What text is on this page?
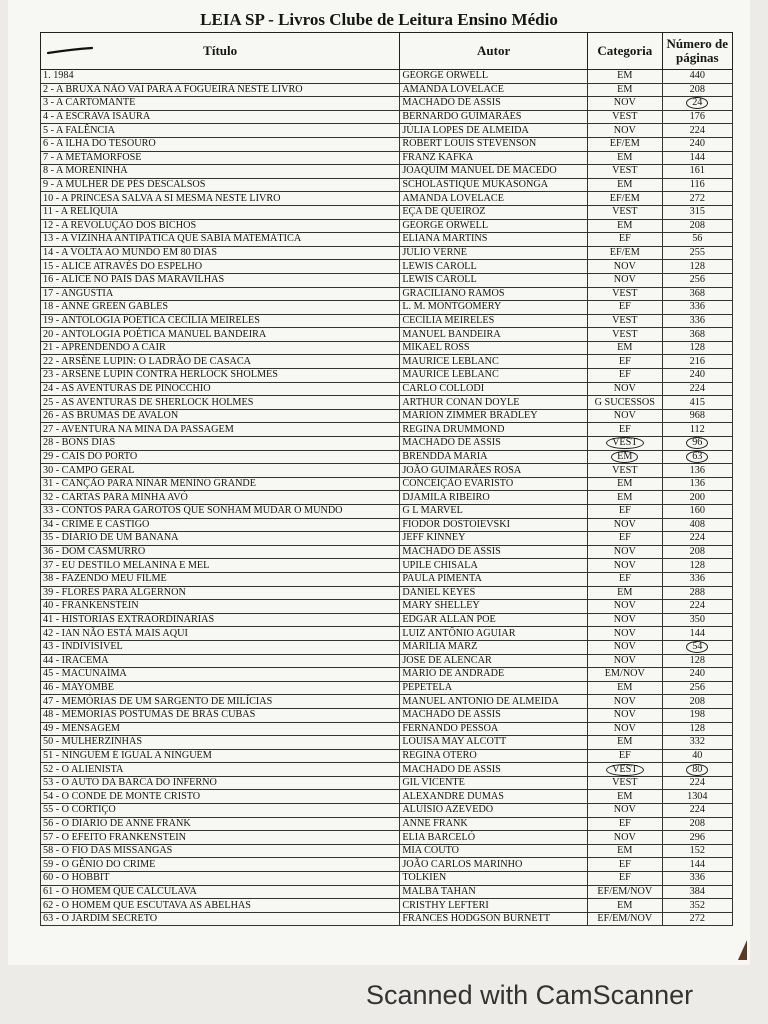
LEIA SP - Livros Clube de Leitura Ensino Médio
Título	Autor	Categoria	Número de páginas
1. 1984	GEORGE ORWELL	EM	440
2 - A BRUXA NÃO VAI PARA A FOGUEIRA NESTE LIVRO	AMANDA LOVELACE	EM	208
3 - A CARTOMANTE	MACHADO DE ASSIS	NOV	24
4 - A ESCRAVA ISAURA	BERNARDO GUIMARÃES	VEST	176
5 - A FALÊNCIA	JÚLIA LOPES DE ALMEIDA	NOV	224
6 - A ILHA DO TESOURO	ROBERT LOUIS STEVENSON	EF/EM	240
7 - A METAMORFOSE	FRANZ KAFKA	EM	144
8 - A MORENINHA	JOAQUIM MANUEL DE MACEDO	VEST	161
9 - A MULHER DE PÉS DESCALSOS	SCHOLASTIQUE MUKASONGA	EM	116
10 - A PRINCESA SALVA A SI MESMA NESTE LIVRO	AMANDA LOVELACE	EF/EM	272
11 - A RELÍQUIA	EÇA DE QUEIROZ	VEST	315
12 - A REVOLUÇÃO DOS BICHOS	GEORGE ORWELL	EM	208
13 - A VIZINHA ANTIPÁTICA QUE SABIA MATEMÁTICA	ELIANA MARTINS	EF	56
14 - A VOLTA AO MUNDO EM 80 DIAS	JÚLIO VERNE	EF/EM	255
15 - ALICE ATRAVÉS DO ESPELHO	LEWIS CAROLL	NOV	128
16 - ALICE NO PAÍS DAS MARAVILHAS	LEWIS CAROLL	NOV	256
17 - ANGÚSTIA	GRACILIANO RAMOS	VEST	368
18 - ANNE GREEN GABLES	L. M. MONTGOMERY	EF	336
19 - ANTOLOGIA POÉTICA CECÍLIA MEIRELES	CECÍLIA MEIRELES	VEST	336
20 - ANTOLOGIA POÉTICA MANUEL BANDEIRA	MANUEL BANDEIRA	VEST	368
21 - APRENDENDO A CAIR	MIKAEL ROSS	EM	128
22 - ARSÈNE LUPIN: O LADRÃO DE CASACA	MAURICE LEBLANC	EF	216
23 - ARSÈNE LUPIN CONTRA HERLOCK SHOLMES	MAURICE LEBLANC	EF	240
24 - AS AVENTURAS DE PINOCCHIO	CARLO COLLODI	NOV	224
25 - AS AVENTURAS DE SHERLOCK HOLMES	ARTHUR CONAN DOYLE	G SUCESSOS	415
26 - AS BRUMAS DE AVALON	MARION ZIMMER BRADLEY	NOV	968
27 - AVENTURA NA MINA DA PASSAGEM	REGINA DRUMMOND	EF	112
28 - BONS DIAS	MACHADO DE ASSIS	VEST	96
29 - CAIS DO PORTO	BRENDDA MARIA	EM	63
30 - CAMPO GERAL	JOÃO GUIMARÃES ROSA	VEST	136
31 - CANÇÃO PARA NINAR MENINO GRANDE	CONCEIÇÃO EVARISTO	EM	136
32 - CARTAS PARA MINHA AVÓ	DJAMILA RIBEIRO	EM	200
33 - CONTOS PARA GAROTOS QUE SONHAM MUDAR O MUNDO	G L MARVEL	EF	160
34 - CRIME E CASTIGO	FIODOR DOSTOIEVSKI	NOV	408
35 - DIÁRIO DE UM BANANA	JEFF KINNEY	EF	224
36 - DOM CASMURRO	MACHADO DE ASSIS	NOV	208
37 - EU DESTILO MELANINA E MEL	UPILE CHISALA	NOV	128
38 - FAZENDO MEU FILME	PAULA PIMENTA	EF	336
39 - FLORES PARA ALGERNON	DANIEL KEYES	EM	288
40 - FRANKENSTEIN	MARY SHELLEY	NOV	224
41 - HISTÓRIAS EXTRAORDINARIAS	EDGAR ALLAN POE	NOV	350
42 - IAN NÃO ESTÁ MAIS AQUI	LUIZ ANTÔNIO AGUIAR	NOV	144
43 - INDIVISÍVEL	MARÍLIA MARZ	NOV	54
44 - IRACEMA	JOSÉ DE ALENCAR	NOV	128
45 - MACUNAÍMA	MÁRIO DE ANDRADE	EM/NOV	240
46 - MAYOMBE	PEPETELA	EM	256
47 - MEMÓRIAS DE UM SARGENTO DE MILÍCIAS	MANUEL ANTONIO DE ALMEIDA	NOV	208
48 - MEMÓRIAS PÓSTUMAS DE BRÁS CUBAS	MACHADO DE ASSIS	NOV	198
49 - MENSAGEM	FERNANDO PESSOA	NOV	128
50 - MULHERZINHAS	LOUISA MAY ALCOTT	EM	332
51 - NINGUÉM É IGUAL A NINGUÉM	REGINA OTERO	EF	40
52 - O ALIENISTA	MACHADO DE ASSIS	VEST	80
53 - O AUTO DA BARCA DO INFERNO	GIL VICENTE	VEST	224
54 - O CONDE DE MONTE CRISTO	ALEXANDRE DUMAS	EM	1304
55 - O CORTIÇO	ALUÍSIO AZEVEDO	NOV	224
56 - O DIÁRIO DE ANNE FRANK	ANNE FRANK	EF	208
57 - O EFEITO FRANKENSTEIN	ELIA BARCELÓ	NOV	296
58 - O FIO DAS MISSANGAS	MIA COUTO	EM	152
59 - O GÊNIO DO CRIME	JOÃO CARLOS MARINHO	EF	144
60 - O HOBBIT	TOLKIEN	EF	336
61 - O HOMEM QUE CALCULAVA	MALBA TAHAN	EF/EM/NOV	384
62 - O HOMEM QUE ESCUTAVA AS ABELHAS	CRISTHY LEFTERI	EM	352
63 - O JARDIM SECRETO	FRANCES HODGSON BURNETT	EF/EM/NOV	272
Scanned with CamScanner
